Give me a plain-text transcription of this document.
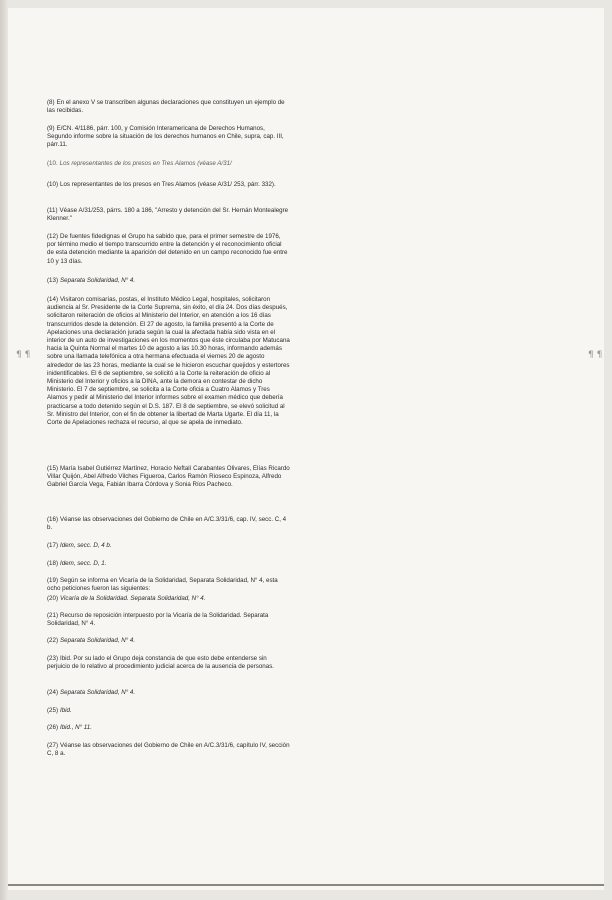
¶ ¶	¶ ¶

(8) En el anexo V se transcriben algunas declaraciones que constituyen un ejemplo de las recibidas.

(9) E/CN. 4/1186, párr. 100, y Comisión Interamericana de Derechos Humanos, Segundo informe sobre la situación de los derechos humanos en Chile, supra, cap. III, párr.11.

(10. Los representantes de los presos en Tres Alamos (véase A/31/

(10) Los representantes de los presos en Tres Alamos (véase A/31/ 253, párr. 332).

(11) Véase A/31/253, párrs. 180 a 186, "Arresto y detención del Sr. Hernán Montealegre Klenner."

(12) De fuentes fidedignas el Grupo ha sabido que, para el primer semestre de 1976, por término medio el tiempo transcurrido entre la detención y el reconocimiento oficial de esta detención mediante la aparición del detenido en un campo reconocido fue entre 10 y 13 días.

(13) Separata Solidaridad, N° 4.

(14) Visitaron comisarías, postas, el Instituto Médico Legal, hospitales, solicitaron audiencia al Sr. Presidente de la Corte Suprema, sin éxito, el día 24. Dos días después, solicitaron reiteración de oficios al Ministerio del Interior, en atención a los 16 días transcurridos desde la detención. El 27 de agosto, la familia presentó a la Corte de Apelaciones una declaración jurada según la cual la afectada había sido vista en el interior de un auto de investigaciones en los momentos que éste circulaba por Matucana hacia la Quinta Normal el martes 10 de agosto a las 10.30 horas, informando además sobre una llamada telefónica a otra hermana efectuada el viernes 20 de agosto alrededor de las 23 horas, mediante la cual se le hicieron escuchar quejidos y estertores inidentificables. El 6 de septiembre, se solicitó a la Corte la reiteración de oficio al Ministerio del Interior y oficios a la DINA, ante la demora en contestar de dicho Ministerio. El 7 de septiembre, se solicita a la Corte oficia a Cuatro Alamos y Tres Alamos y pedir al Ministerio del Interior informes sobre el examen médico que debería practicarse a todo detenido según el D.S. 187. El 8 de septiembre, se elevó solicitud al Sr. Ministro del Interior, con el fin de obtener la libertad de Marta Ugarte. El día 11, la Corte de Apelaciones rechaza el recurso, al que se apela de inmediato.

(15) María Isabel Gutiérrez Martínez, Horacio Neftalí Carabantes Olivares, Elías Ricardo Villar Quijón, Abel Alfredo Vilches Figueroa, Carlos Ramón Rioseco Espinoza, Alfredo Gabriel García Vega, Fabián Ibarra Córdova y Sonia Ríos Pacheco.

(16) Véanse las observaciones del Gobierno de Chile en A/C.3/31/6, cap. IV, secc. C, 4 b.

(17) Idem, secc. D, 4 b.

(18) Idem, secc. D, 1.

(19) Según se informa en Vicaría de la Solidaridad, Separata Solidaridad, N° 4, esta ocho peticiones fueron las siguientes:

(20) Vicaría de la Solidaridad. Separata Solidaridad, N° 4.

(21) Recurso de reposición interpuesto por la Vicaría de la Solidaridad. Separata Solidaridad, N° 4.

(22) Separata Solidaridad, N° 4.

(23) Ibid. Por su lado el Grupo deja constancia de que esto debe entenderse sin perjuicio de lo relativo al procedimiento judicial acerca de la ausencia de personas.

(24) Separata Solidaridad, N° 4.

(25) Ibid.

(26) Ibid., N° 11.

(27) Véanse las observaciones del Gobierno de Chile en A/C.3/31/6, capítulo IV, sección C, 8 a.
